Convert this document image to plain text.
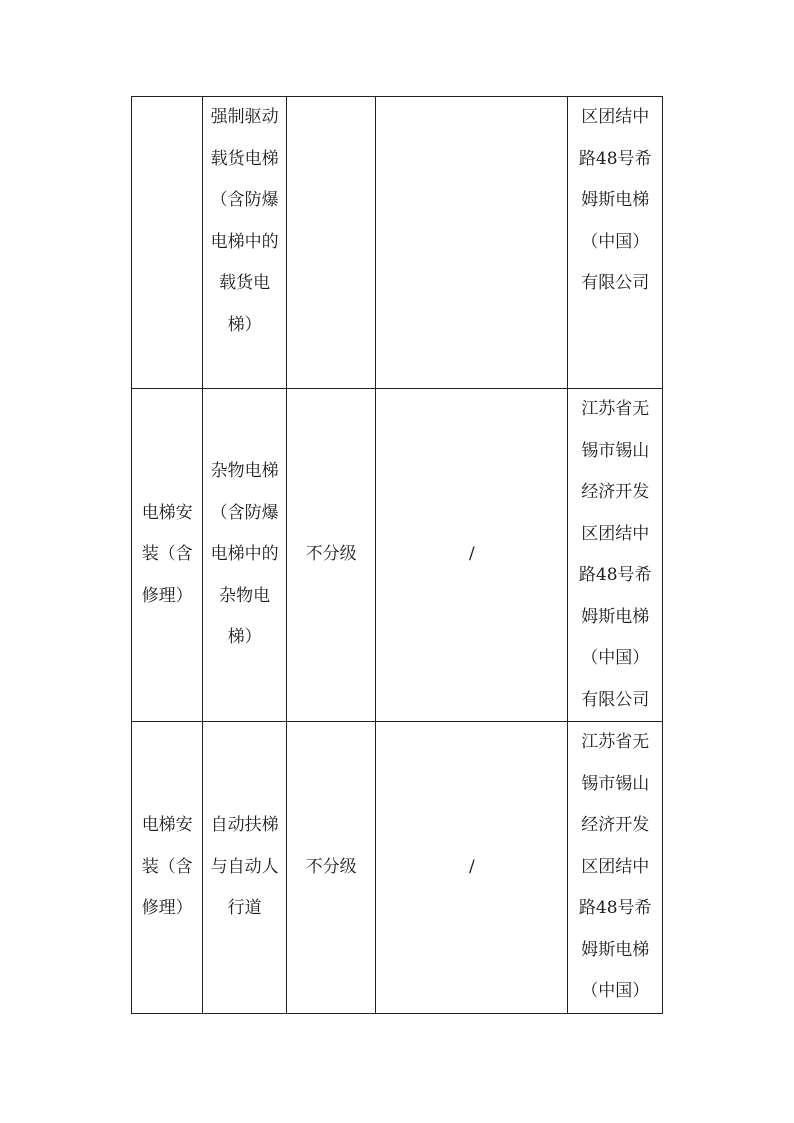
	强制驱动载货电梯（含防爆电梯中的载货电梯）			区团结中路48号希姆斯电梯（中国）有限公司

电梯安装（含修理）	杂物电梯（含防爆电梯中的杂物电梯）	不分级	/	江苏省无锡市锡山经济开发区团结中路48号希姆斯电梯（中国）有限公司

电梯安装（含修理）	自动扶梯与自动人行道	不分级	/	江苏省无锡市锡山经济开发区团结中路48号希姆斯电梯（中国）
